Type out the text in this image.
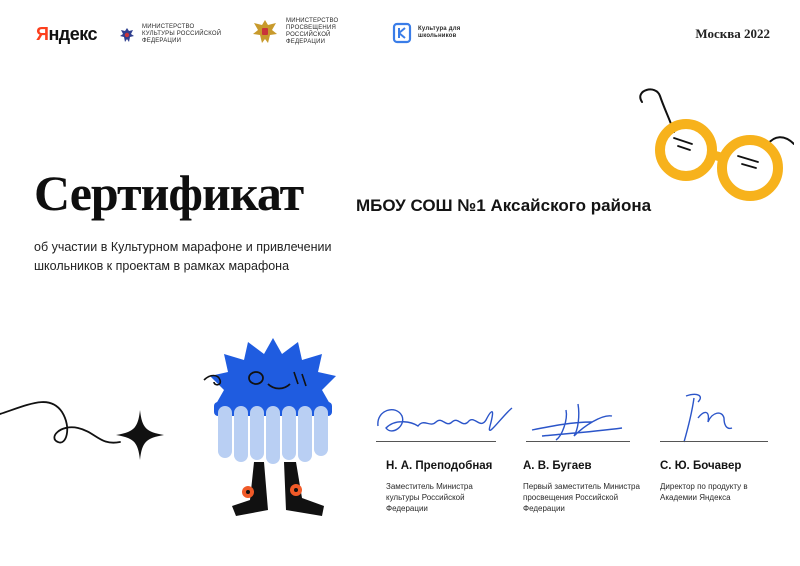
Яндекс	МИНИСТЕРСТВО КУЛЬТУРЫ РОССИЙСКОЙ ФЕДЕРАЦИИ
МИНИСТЕРСТВО ПРОСВЕЩЕНИЯ РОССИЙСКОЙ ФЕДЕРАЦИИ
Культура для школьников	Москва 2022
Сертификат	МБОУ СОШ №1 Аксайского района
об участии в Культурном марафоне и привлечении школьников к проектам в рамках марафона
Н. А. Преподобная
Заместитель Министра культуры Российской Федерации
А. В. Бугаев
Первый заместитель Министра просвещения Российской Федерации
С. Ю. Бочавер
Директор по продукту в Академии Яндекса
